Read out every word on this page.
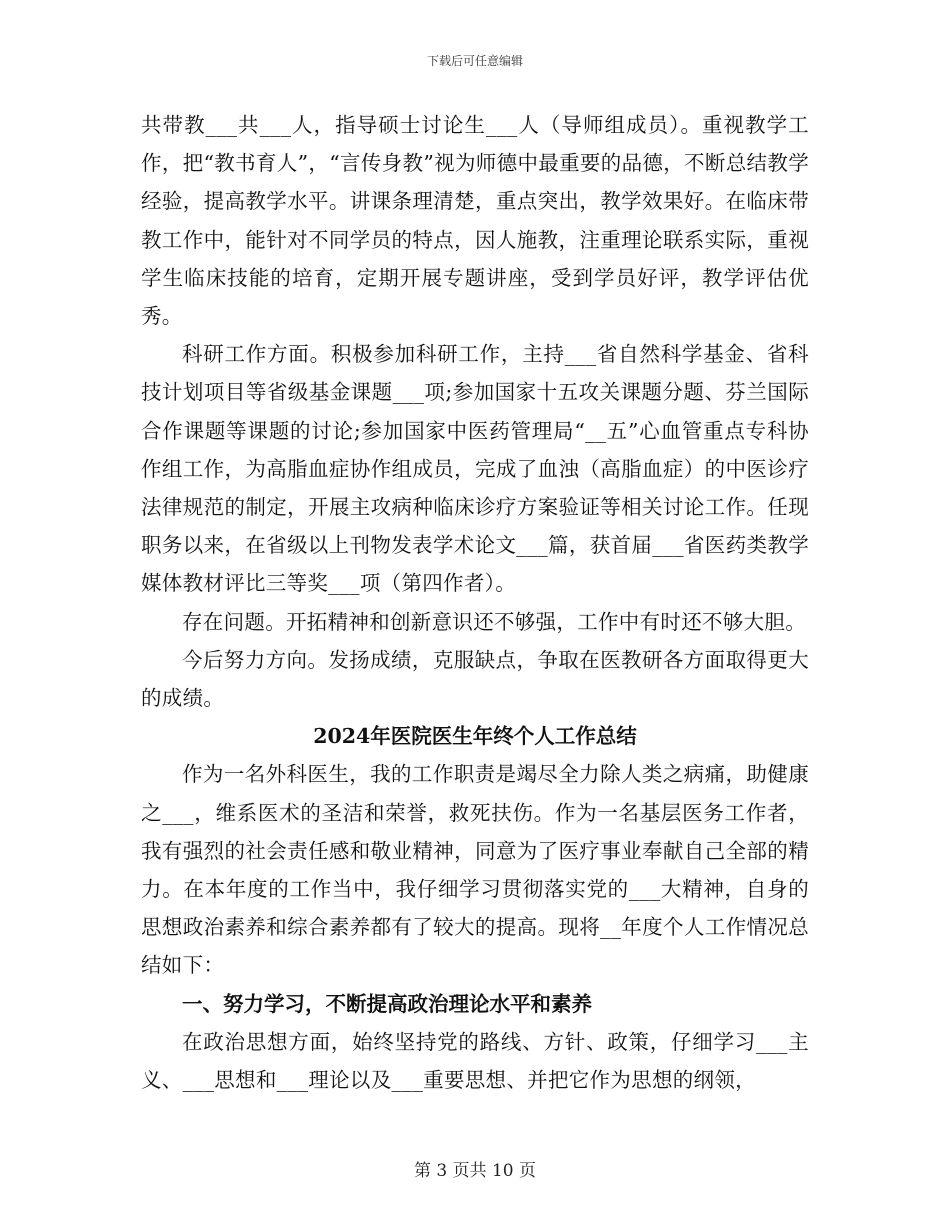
下载后可任意编辑

共带教___共___人，指导硕士讨论生___人（导师组成员）。重视教学工作，把“教书育人”，“言传身教”视为师德中最重要的品德，不断总结教学经验，提高教学水平。讲课条理清楚，重点突出，教学效果好。在临床带教工作中，能针对不同学员的特点，因人施教，注重理论联系实际，重视学生临床技能的培育，定期开展专题讲座，受到学员好评，教学评估优秀。

科研工作方面。积极参加科研工作，主持___省自然科学基金、省科技计划项目等省级基金课题___项;参加国家十五攻关课题分题、芬兰国际合作课题等课题的讨论;参加国家中医药管理局“__五”心血管重点专科协作组工作，为高脂血症协作组成员，完成了血浊（高脂血症）的中医诊疗法律规范的制定，开展主攻病种临床诊疗方案验证等相关讨论工作。任现职务以来，在省级以上刊物发表学术论文___篇，获首届___省医药类教学媒体教材评比三等奖___项（第四作者）。

存在问题。开拓精神和创新意识还不够强，工作中有时还不够大胆。

今后努力方向。发扬成绩，克服缺点，争取在医教研各方面取得更大的成绩。

2024年医院医生年终个人工作总结

作为一名外科医生，我的工作职责是竭尽全力除人类之病痛，助健康之___，维系医术的圣洁和荣誉，救死扶伤。作为一名基层医务工作者，我有强烈的社会责任感和敬业精神，同意为了医疗事业奉献自己全部的精力。在本年度的工作当中，我仔细学习贯彻落实党的___大精神，自身的思想政治素养和综合素养都有了较大的提高。现将__年度个人工作情况总结如下：

一、努力学习，不断提高政治理论水平和素养

在政治思想方面，始终坚持党的路线、方针、政策，仔细学习___主义、___思想和___理论以及___重要思想、并把它作为思想的纲领，

第 3 页共 10 页
